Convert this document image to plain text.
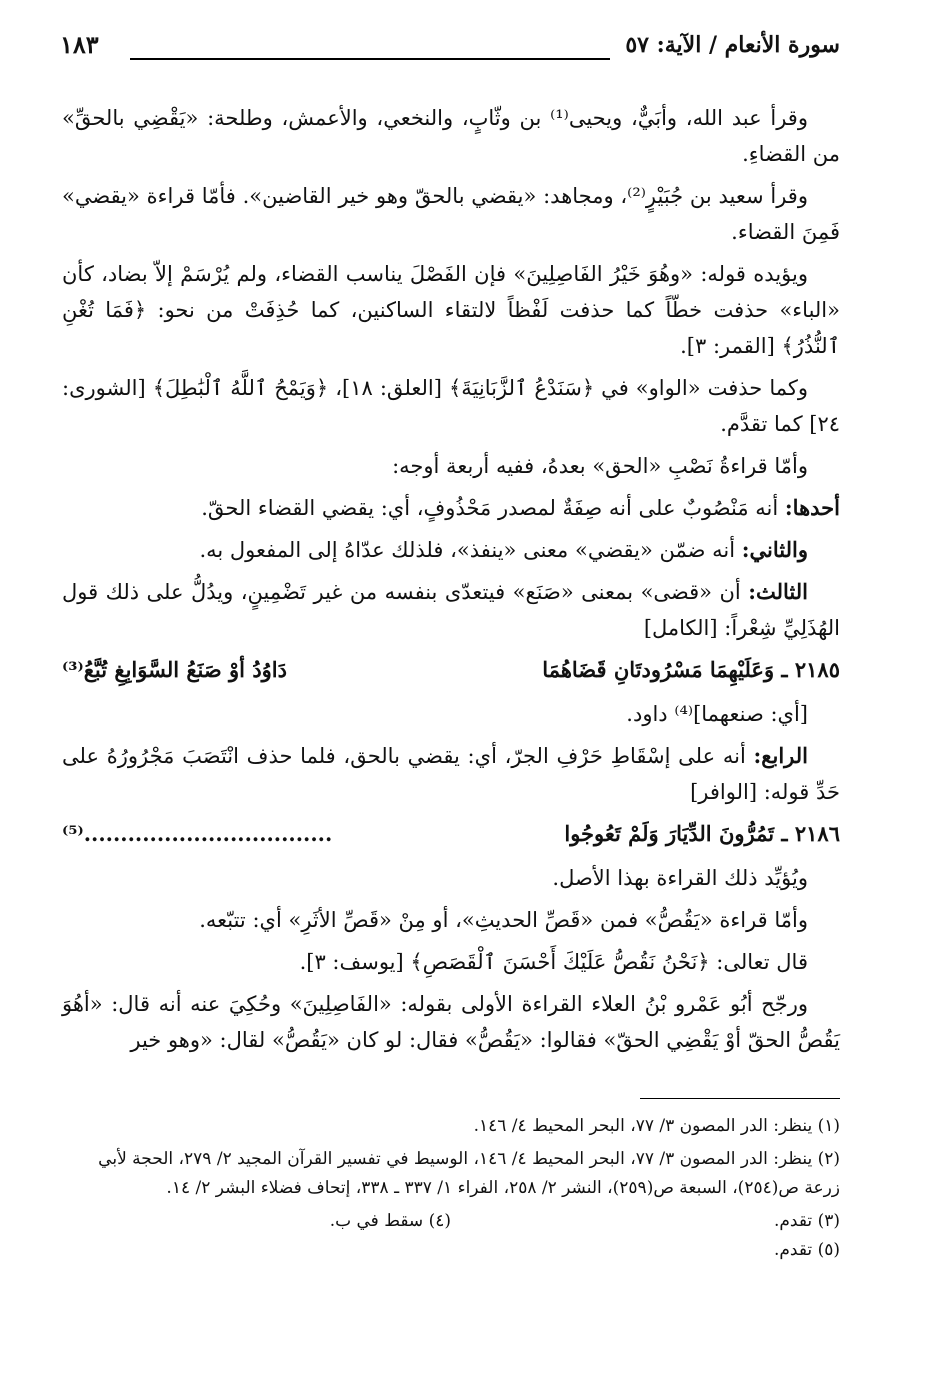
سورة الأنعام / الآية: ٥٧
١٨٣

وقرأ عبد الله، وأبَيٌّ، ويحيى⁽¹⁾ بن وثّابٍ، والنخعي، والأعمش، وطلحة: «يَقْضِي بالحقِّ» من القضاءِ.

وقرأ سعيد بن جُبَيْرٍ⁽²⁾، ومجاهد: «يقضي بالحقّ وهو خير القاضين». فأمّا قراءة «يقضي» فَمِنَ القضاء.

ويؤيده قوله: «وهُوَ خَيْرُ الفَاصِلِينَ» فإن الفَصْلَ يناسب القضاء، ولم يُرْسَمْ إلاّ بضاد، كأن «الباء» حذفت خطّاً كما حذفت لَفْظاً لالتقاء الساكنين، كما حُذِفَتْ من نحو: ﴿فَمَا تُغْنِ ٱلنُّذُرُ﴾ [القمر: ٣].

وكما حذفت «الواو» في ﴿سَنَدْعُ ٱلزَّبَانِيَةَ﴾ [العلق: ١٨]، ﴿وَيَمْحُ ٱللَّهُ ٱلْبَٰطِلَ﴾ [الشورى: ٢٤] كما تقدَّم.

وأمّا قراءةُ نَصْبِ «الحق» بعدهُ، ففيه أربعة أوجه:

أحدها: أنه مَنْصُوبٌ على أنه صِفَةٌ لمصدر مَحْذُوفٍ، أي: يقضي القضاء الحقّ.

والثاني: أنه ضمّن «يقضي» معنى «ينفذ»، فلذلك عدّاهُ إلى المفعول به.

الثالث: أن «قضى» بمعنى «صَنَع» فيتعدّى بنفسه من غير تَضْمِينٍ، ويدُلُّ على ذلك قول الهُذَلِيِّ شِعْراً: [الكامل]

٢١٨٥ ـ وَعَلَيْهِمَا مَسْرُودتَانِ قَضَاهُمَا
دَاوُدُ أوْ صَنَعُ السَّوَابِغِ تُبَّعُ⁽³⁾

[أي: صنعهما]⁽⁴⁾ داود.

الرابع: أنه على إسْقَاطِ حَرْفِ الجرّ، أي: يقضي بالحق، فلما حذف انْتَصَبَ مَجْرُورُهُ على حَدِّ قوله: [الوافر]

٢١٨٦ ـ تَمُرُّونَ الدِّيَارَ وَلَمْ تَعُوجُوا
..................................⁽⁵⁾

ويُؤيِّد ذلك القراءة بهذا الأصل.

وأمّا قراءة «يَقُصُّ» فمن «قَصِّ الحديثِ»، أو مِنْ «قَصِّ الأثَرِ» أي: تتبّعه.

قال تعالى: ﴿نَحْنُ نَقُصُّ عَلَيْكَ أَحْسَنَ ٱلْقَصَصِ﴾ [يوسف: ٣].

ورجّح أبُو عَمْرو بْنُ العلاء القراءة الأولى بقوله: «الفَاصِلِينَ» وحُكِيَ عنه أنه قال: «أهُوَ يَقُصُّ الحقّ أوْ يَقْضِي الحقّ» فقالوا: «يَقُصُّ» فقال: لو كان «يَقُصُّ» لقال: «وهو خير

(١) ينظر: الدر المصون ٣/ ٧٧، البحر المحيط ٤/ ١٤٦.
(٢) ينظر: الدر المصون ٣/ ٧٧، البحر المحيط ٤/ ١٤٦، الوسيط في تفسير القرآن المجيد ٢/ ٢٧٩، الحجة لأبي زرعة ص(٢٥٤)، السبعة ص(٢٥٩)، النشر ٢/ ٢٥٨، الفراء ١/ ٣٣٧ ـ ٣٣٨، إتحاف فضلاء البشر ٢/ ١٤.
(٣) تقدم.
(٤) سقط في ب.
(٥) تقدم.
